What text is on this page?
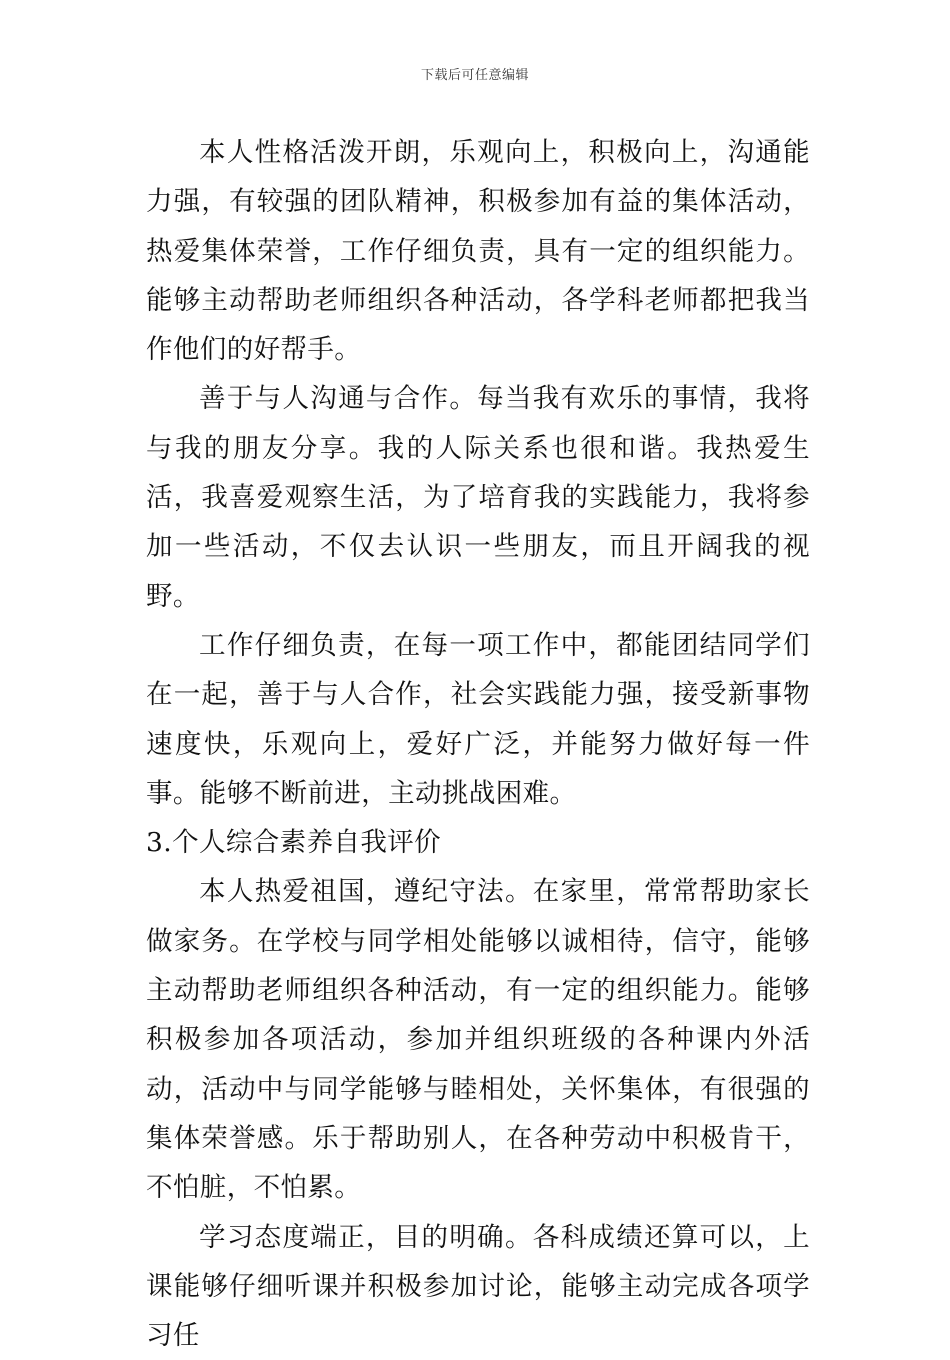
下载后可任意编辑

本人性格活泼开朗，乐观向上，积极向上，沟通能力强，有较强的团队精神，积极参加有益的集体活动，热爱集体荣誉，工作仔细负责，具有一定的组织能力。能够主动帮助老师组织各种活动，各学科老师都把我当作他们的好帮手。

善于与人沟通与合作。每当我有欢乐的事情，我将与我的朋友分享。我的人际关系也很和谐。我热爱生活，我喜爱观察生活，为了培育我的实践能力，我将参加一些活动，不仅去认识一些朋友，而且开阔我的视野。

工作仔细负责，在每一项工作中，都能团结同学们在一起，善于与人合作，社会实践能力强，接受新事物速度快，乐观向上，爱好广泛，并能努力做好每一件事。能够不断前进，主动挑战困难。

3.个人综合素养自我评价

本人热爱祖国，遵纪守法。在家里，常常帮助家长做家务。在学校与同学相处能够以诚相待，信守，能够主动帮助老师组织各种活动，有一定的组织能力。能够积极参加各项活动，参加并组织班级的各种课内外活动，活动中与同学能够与睦相处，关怀集体，有很强的集体荣誉感。乐于帮助别人，在各种劳动中积极肯干，不怕脏，不怕累。

学习态度端正，目的明确。各科成绩还算可以，上课能够仔细听课并积极参加讨论，能够主动完成各项学习任
